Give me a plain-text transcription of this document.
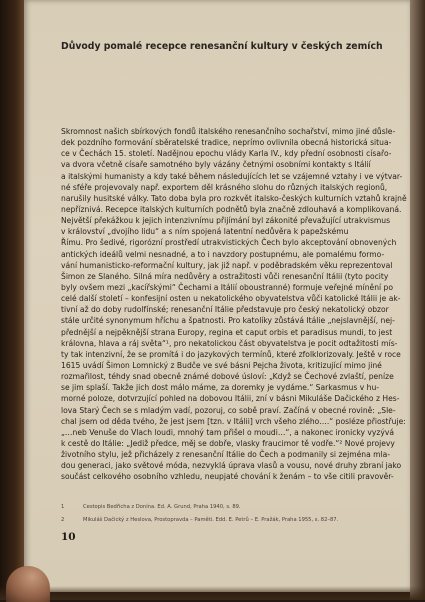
Důvody pomalé recepce renesanční kultury v českých zemích
Skromnost našich sbírkových fondů italského renesančního sochařství, mimo jiné důsle-
dek pozdního formování sběratelské tradice, neprímo ovlivnila obecná historická situa-
ce v Čechách 15. století. Nadějnou epochu vlády Karla IV., kdy přední osobnosti císařo-
va dvora včetně císaře samotného byly vázány četnými osobními kontakty s Itálií
a italskými humanisty a kdy také během následujících let se vzájemné vztahy i ve výtvar-
né sféře projevovaly např. exportem děl krásného slohu do různých italských regionů,
narušily husitské války. Tato doba byla pro rozkvět italsko-českých kulturních vztahů krajně
nepříznivá. Recepce italských kulturních podnětů byla značně zdlouhavá a komplikovaná.
Největší překážkou k jejich intenzivnímu přijímání byl zákonité převažující utrakvismus
v království „dvojího lidu“ a s ním spojená latentní nedůvěra k papežskému
Římu. Pro šedivé, rigorózní prostředí utrakvistických Čech bylo akceptování obnovených
antických ideálů velmi nesnadné, a to i navzdory postupnému, ale pomalému formo-
vání humanisticko-reformační kultury, jak již např. v poděbradském věku reprezentoval
Šimon ze Slaného. Silná míra nedůvěry a ostražitosti vůči renesanční Itálii (tyto pocity
byly ovšem mezi „kacířskými“ Čechami a Itálií oboustranné) formuje veřejné mínění po
celé další století – konfesijní osten u nekatolického obyvatelstva vůči katolické Itálii je ak-
tivní až do doby rudolfínské; renesanční Itálie představuje pro český nekatolický obzor
stále určité synonymum hříchu a špatnosti. Pro katolíky zůstává Itálie „nejslavnější, nej-
přednější a nejpěknější strana Europy, regina et caput orbis et paradisus mundi, to jest
královna, hlava a ráj světa“¹, pro nekatolickou část obyvatelstva je pocit odtažitosti mís-
ty tak intenzivní, že se promítá i do jazykových termínů, které zfolklorizovaly. Ještě v roce
1615 uvádí Šimon Lomnický z Budče ve své básni Pejcha života, kritizující mimo jiné
rozmařilost, téhdy snad obecně známé dobové úsloví: „Když se Čechové zvlaští, peníze
se jim splaší. Takže jich dost málo máme, za doremky je vydáme.“ Sarkasmus v hu-
morné poloze, dotvrzující pohled na dobovou Itálii, zní v básni Mikuláše Dačického z Hes-
lova Starý Čech se s mladým vadí, pozoruj, co sobě praví. Začíná v obecné rovině: „Sle-
chal jsem od děda tvého, že jest jsem [tzn. v Itálii] vrch všeho zlého….“ posléze přiostřuje:
„…neb Venuše do Vlach loudi, mnohý tam přišel o moudi…“, a nakonec ironicky vyzývá
k cestě do Itálie: „Jediž předce, měj se dobře, vlasky fraucimor tě vodře.“² Nové projevy
životního stylu, jež přicházely z renesanční Itálie do Čech a podmanily si zejména mla-
dou generaci, jako světové móda, nezvyklá úprava vlasů a vousu, nové druhy zbraní jako
součást celkového osobního vzhledu, neupjaté chování k ženám – to vše citili pravověr-
1	Cestopis Bedřicha z Donína. Ed. A. Grund, Praha 1940, s. 89.
2	Mikuláš Dačický z Heslova, Prostopravda – Paměti. Edd. E. Petrů – E. Pražák, Praha 1955, s. 82–87.
10
